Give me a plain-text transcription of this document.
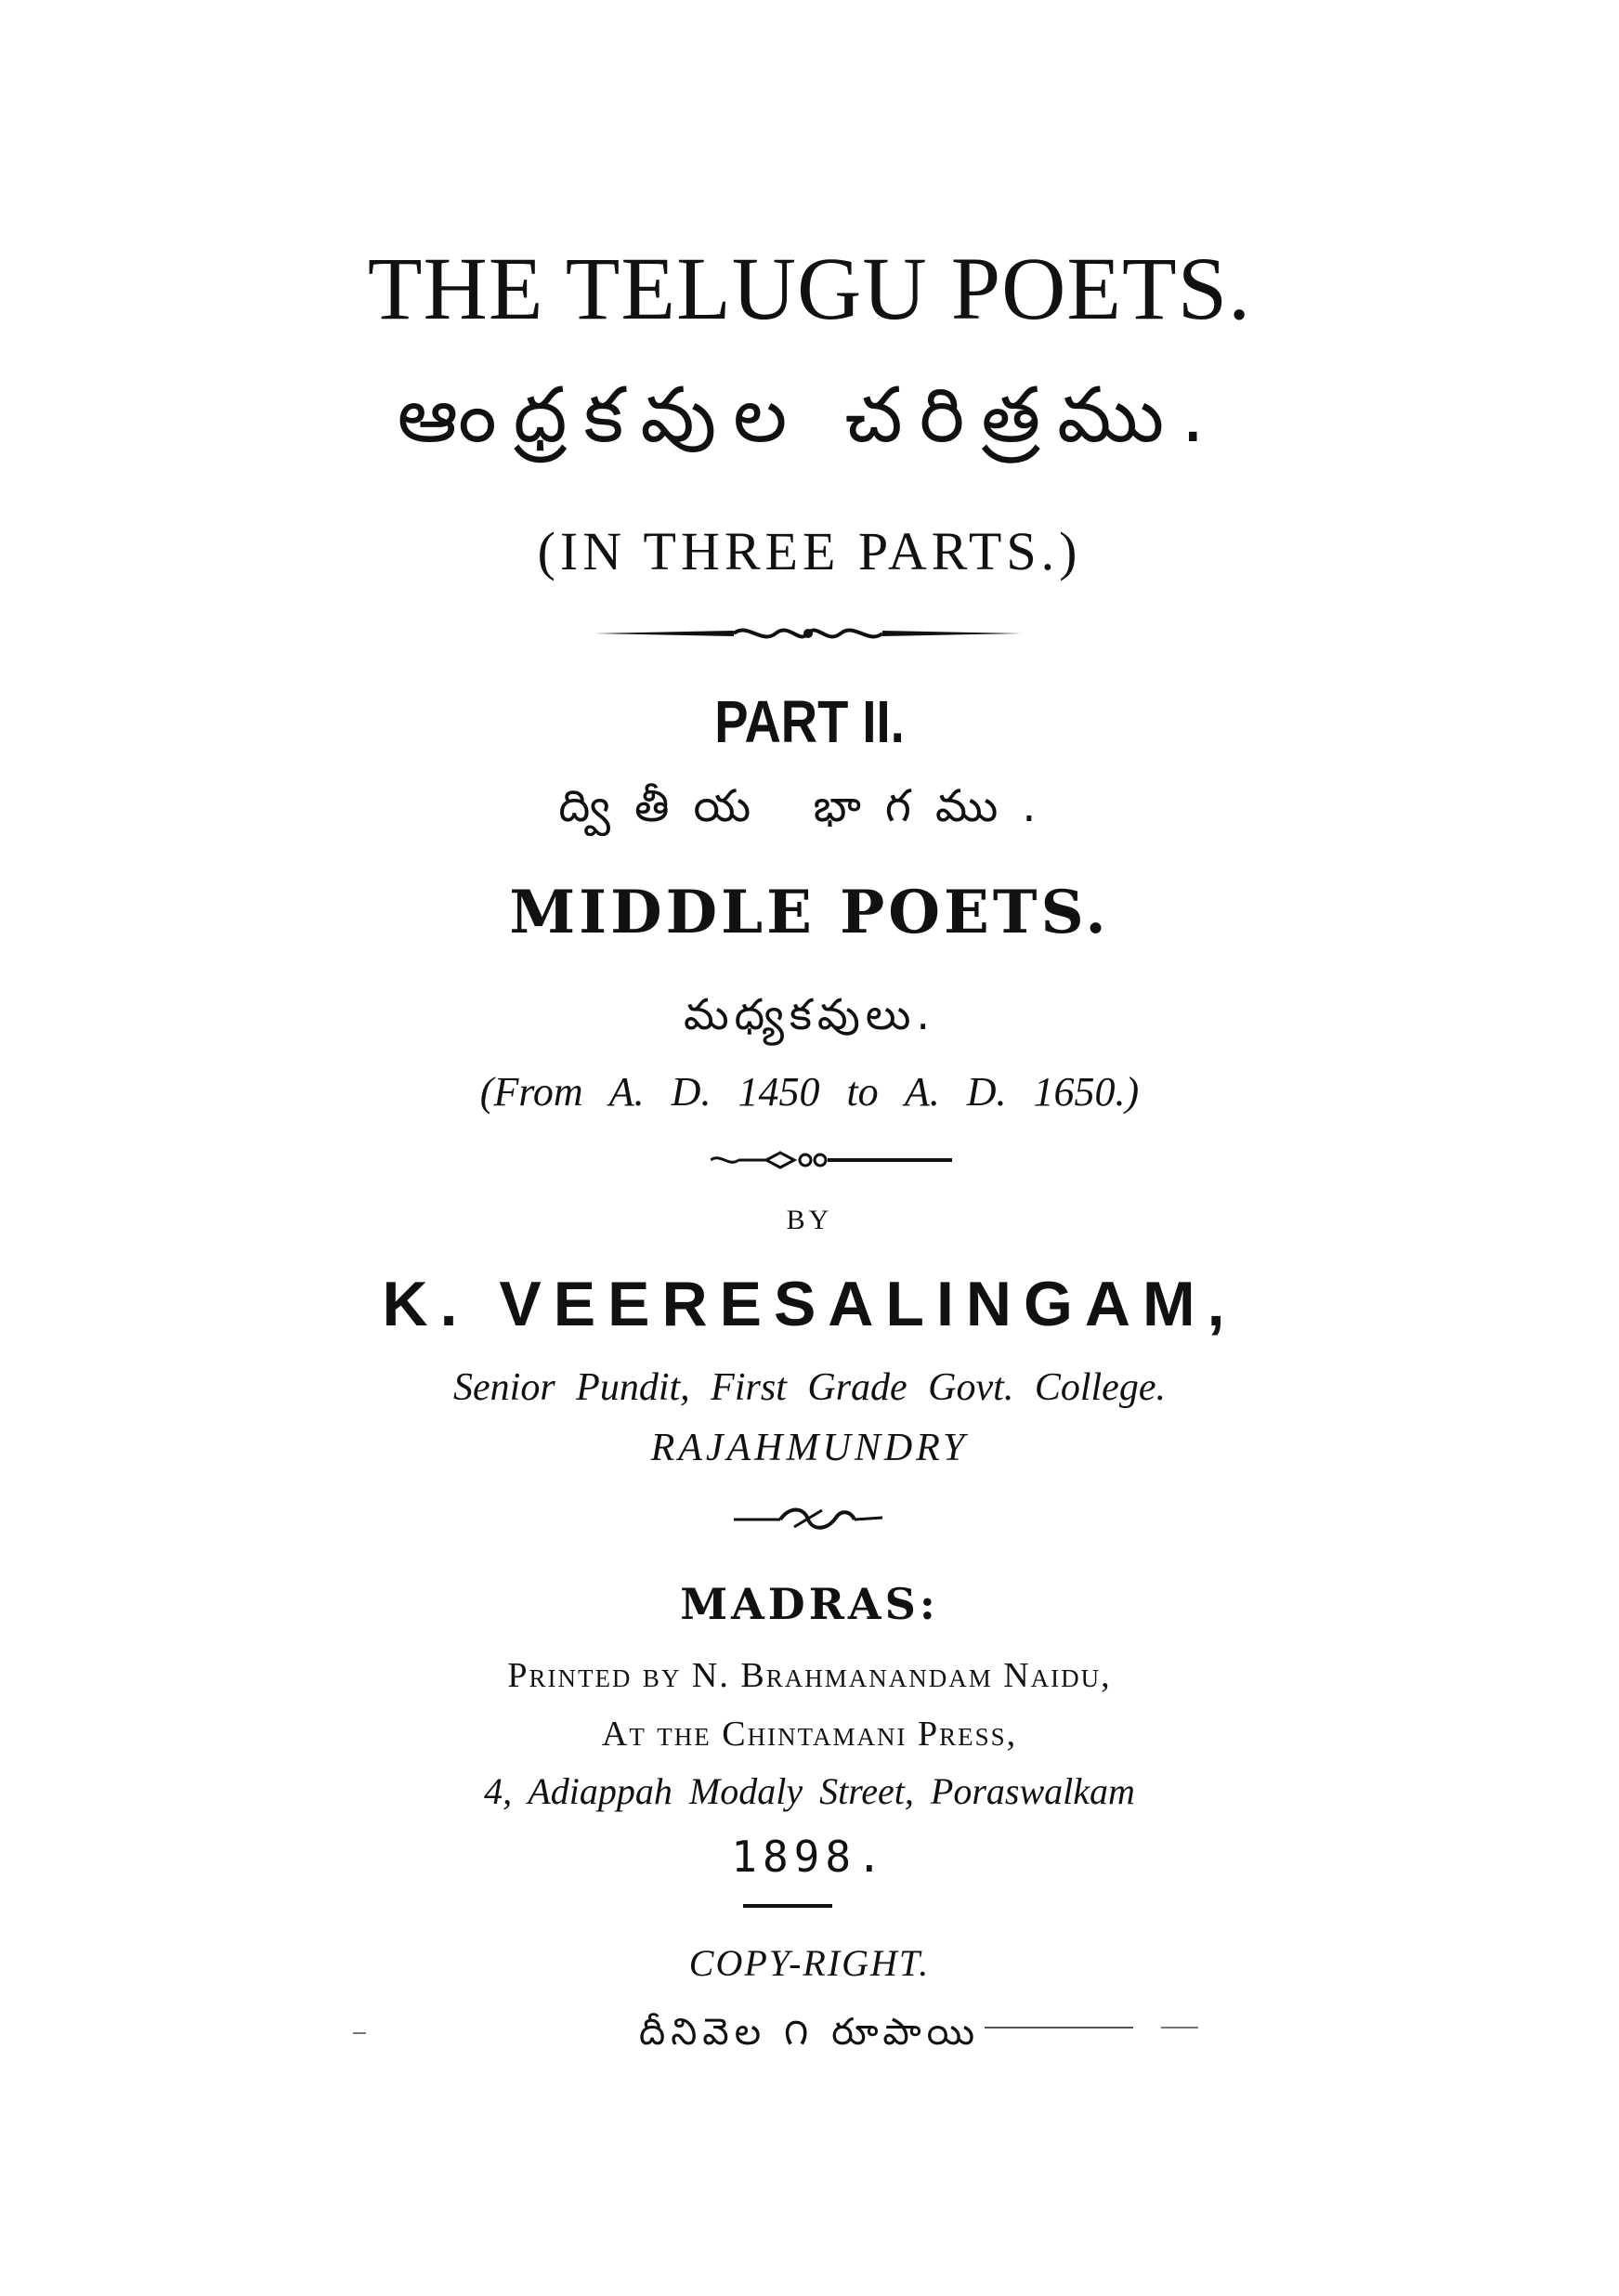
THE TELUGU POETS.
ఆంధ్రకవుల చరిత్రము.
(IN THREE PARTS.)
PART II.
ద్వితీయ భాగము.
MIDDLE POETS.
మధ్యకవులు.
(From A. D. 1450 to A. D. 1650.)
BY
K. VEERESALINGAM,
Senior Pundit, First Grade Govt. College.
RAJAHMUNDRY
MADRAS:
Printed by N. Brahmanandam Naidu,
At the Chintamani Press,
4, Adiappah Modaly Street, Poraswalkam
1898.
COPY-RIGHT.
దీనివెల ౧ రూపాయి
